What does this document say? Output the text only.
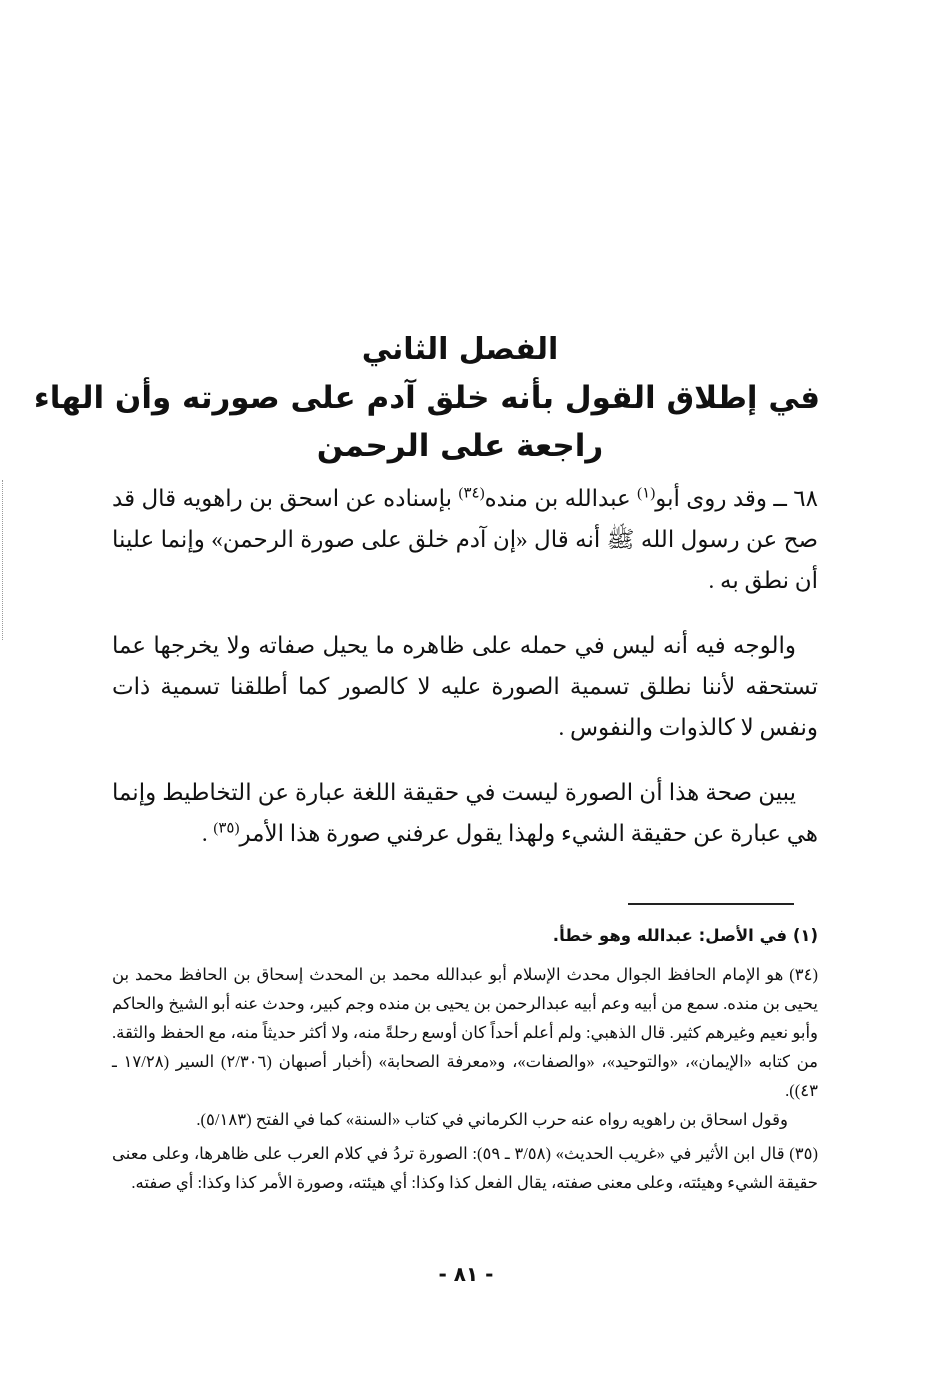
الفصل الثاني

في إطلاق القول بأنه خلق آدم على صورته وأن الهاء

راجعة على الرحمن

٦٨ ــ وقد روى أبو$^{(١)}$ عبدالله بن منده$^{(٣٤)}$ بإسناده عن اسحق بن راهويه قال قد صح عن رسول الله ﷺ أنه قال «إن آدم خلق على صورة الرحمن» وإنما علينا أن نطق به .

والوجه فيه أنه ليس في حمله على ظاهره ما يحيل صفاته ولا يخرجها عما تستحقه لأننا نطلق تسمية الصورة عليه لا كالصور كما أطلقنا تسمية ذات ونفس لا كالذوات والنفوس .

يبين صحة هذا أن الصورة ليست في حقيقة اللغة عبارة عن التخاطيط وإنما هي عبارة عن حقيقة الشيء ولهذا يقول عرفني صورة هذا الأمر$^{(٣٥)}$ .

(١) في الأصل: عبدالله وهو خطأ.

(٣٤) هو الإمام الحافظ الجوال محدث الإسلام أبو عبدالله محمد بن المحدث إسحاق بن الحافظ محمد بن يحيى بن منده. سمع من أبيه وعم أبيه عبدالرحمن بن يحيى بن منده وجم كبير، وحدث عنه أبو الشيخ والحاكم وأبو نعيم وغيرهم كثير. قال الذهبي: ولم أعلم أحداً كان أوسع رحلةً منه، ولا أكثر حديثاً منه، مع الحفظ والثقة. من كتابه «الإيمان»، «والتوحيد»، «والصفات»، و«معرفة الصحابة» (أخبار أصبهان (٢/٣٠٦) السير (١٧/٢٨ ـ ٤٣)).
وقول اسحاق بن راهويه رواه عنه حرب الكرماني في كتاب «السنة» كما في الفتح (٥/١٨٣).

(٣٥) قال ابن الأثير في «غريب الحديث» (٣/٥٨ ـ ٥٩): الصورة تردُ في كلام العرب على ظاهرها، وعلى معنى حقيقة الشيء وهيئته، وعلى معنى صفته، يقال الفعل كذا وكذا: أي هيئته، وصورة الأمر كذا وكذا: أي صفته.

- ٨١ -
